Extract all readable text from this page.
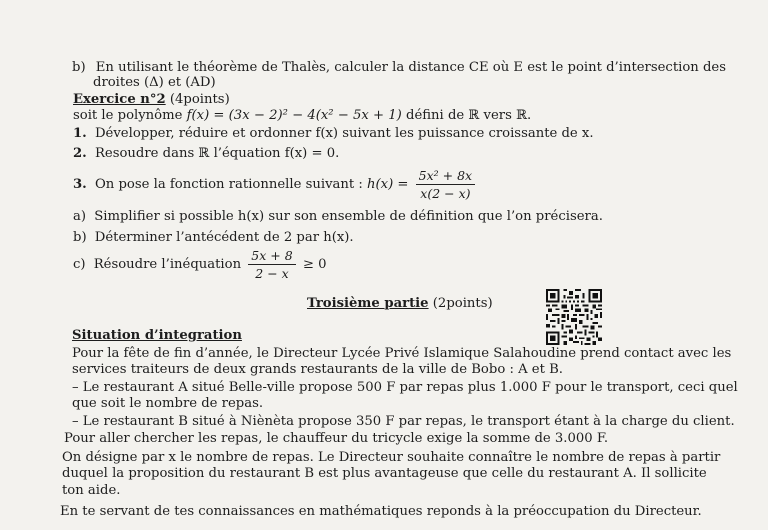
b) En utilisant le théorème de Thalès, calculer la distance CE où E est le point d’intersection des
droites (Δ) et (AD)
Exercice n°2 (4points)
soit le polynôme f(x) = (3x − 2)² − 4(x² − 5x + 1) défini de ℝ vers ℝ.
1. Développer, réduire et ordonner f(x) suivant les puissance croissante de x.
2. Resoudre dans ℝ l’équation f(x) = 0.
3. On pose la fonction rationnelle suivant : $h(x) = \frac{\text{5x² + 8x}}{x(2 - x)}$
a) Simplifier si possible h(x) sur son ensemble de définition que l’on précisera.
b) Déterminer l’antécédent de 2 par h(x).
c) Résoudre l’inéquation $\frac{5x + 8}{2 - x} \ge 0$
Troisième partie (2points)
Situation d’integration
Pour la fête de fin d’année, le Directeur Lycée Privé Islamique Salahoudine prend contact avec les
services traiteurs de deux grands restaurants de la ville de Bobo : A et B.
– Le restaurant A situé Belle-ville propose 500 F par repas plus 1.000 F pour le transport, ceci quel
que soit le nombre de repas.
– Le restaurant B situé à Niènèta propose 350 F par repas, le transport étant à la charge du client.
Pour aller chercher les repas, le chauffeur du tricycle exige la somme de 3.000 F.
On désigne par x le nombre de repas. Le Directeur souhaite connaître le nombre de repas à partir
duquel la proposition du restaurant B est plus avantageuse que celle du restaurant A. Il sollicite
ton aide.
En te servant de tes connaissances en mathématiques reponds à la préoccupation du Directeur.
